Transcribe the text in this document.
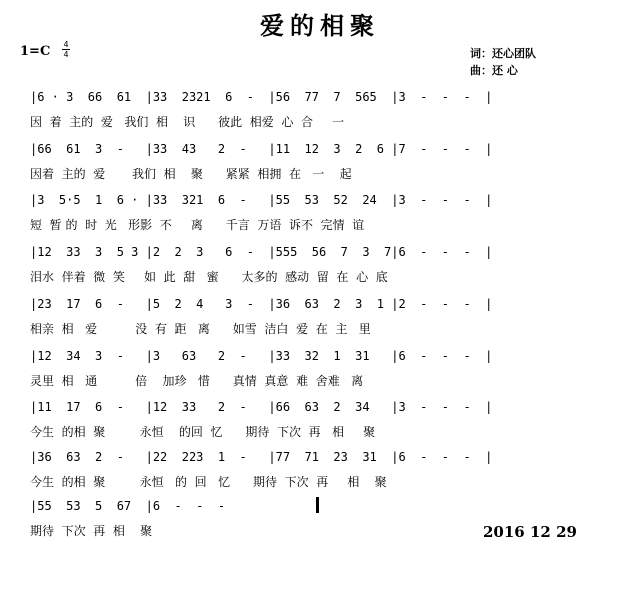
爱的相聚
1=C 4
4	词：还心团队
曲：还 心
|6 · 3  66  61  |33  2321  6  -  |56  77  7  565  |3  -  -  -  |
因  着  主的  爱   我们  相    识      彼此  相爱  心  合     一
|66  61  3  -   |33  43   2  -   |11  12  3  2  6 |7  -  -  -  |
因着  主的  爱       我们  相    聚      紧紧  相拥  在   一    起
|3  5·5  1  6 · |33  321  6  -   |55  53  52  24  |3  -  -  -  |
短  暂 的  时  光   形影  不     离      千言  万语  诉不  完情  谊
|12  33  3  5 3 |2  2  3   6  -  |555  56  7  3  7|6  -  -  -  |
泪水  伴着  微  笑     如  此  甜   蜜      太多的  感动  留  在  心  底
|23  17  6  -   |5  2  4   3  -  |36  63  2  3  1 |2  -  -  -  |
相亲  相   爱          没  有  距   离      如雪  洁白  爱  在  主   里
|12  34  3  -   |3   63   2  -   |33  32  1  31   |6  -  -  -  |
灵里  相   通          倍    加珍   惜      真情  真意  难  舍难   离
|11  17  6  -   |12  33   2  -   |66  63  2  34   |3  -  -  -  |
今生  的相  聚         永恒    的回  忆      期待  下次  再   相     聚
|36  63  2  -   |22  223  1  -   |77  71  23  31  |6  -  -  -  |
今生  的相  聚         永恒   的  回   忆      期待  下次  再     相    聚
|55  53  5  67  |6  -  -  -
期待  下次  再  相    聚	2016 12 29
